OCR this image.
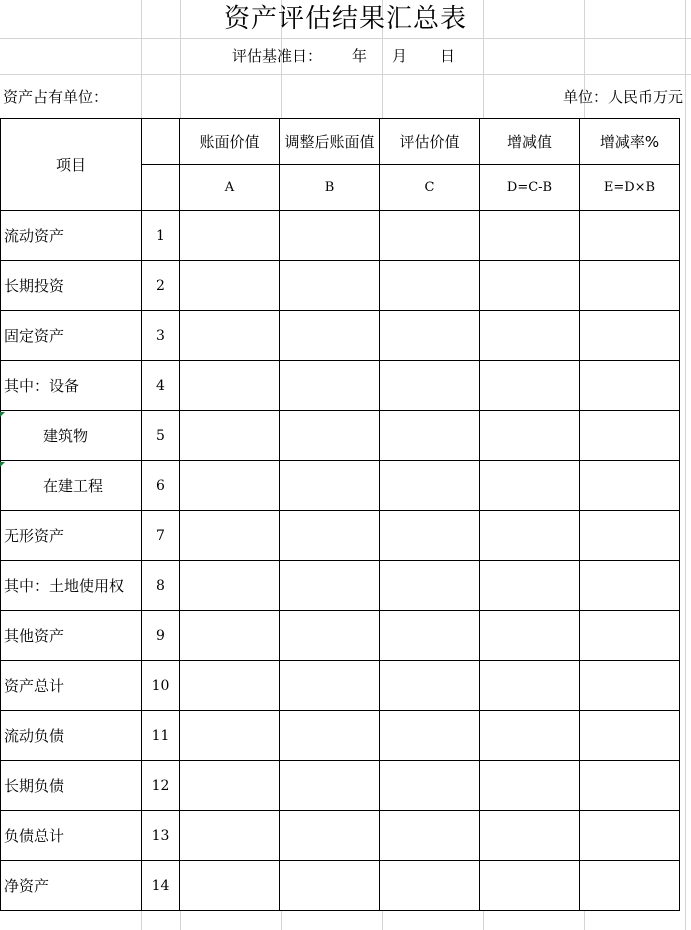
资产评估结果汇总表
评估基准日： 年 月 日
资产占有单位：	单位：人民币万元
项目		账面价值	调整后账面值	评估价值	增减值	增减率%
		A	B	C	D=C-B	E=D×B
流动资产	1					
长期投资	2					
固定资产	3					
其中：设备	4					
建筑物	5					
在建工程	6					
无形资产	7					
其中：土地使用权	8					
其他资产	9					
资产总计	10					
流动负债	11					
长期负债	12					
负债总计	13					
净资产	14					
